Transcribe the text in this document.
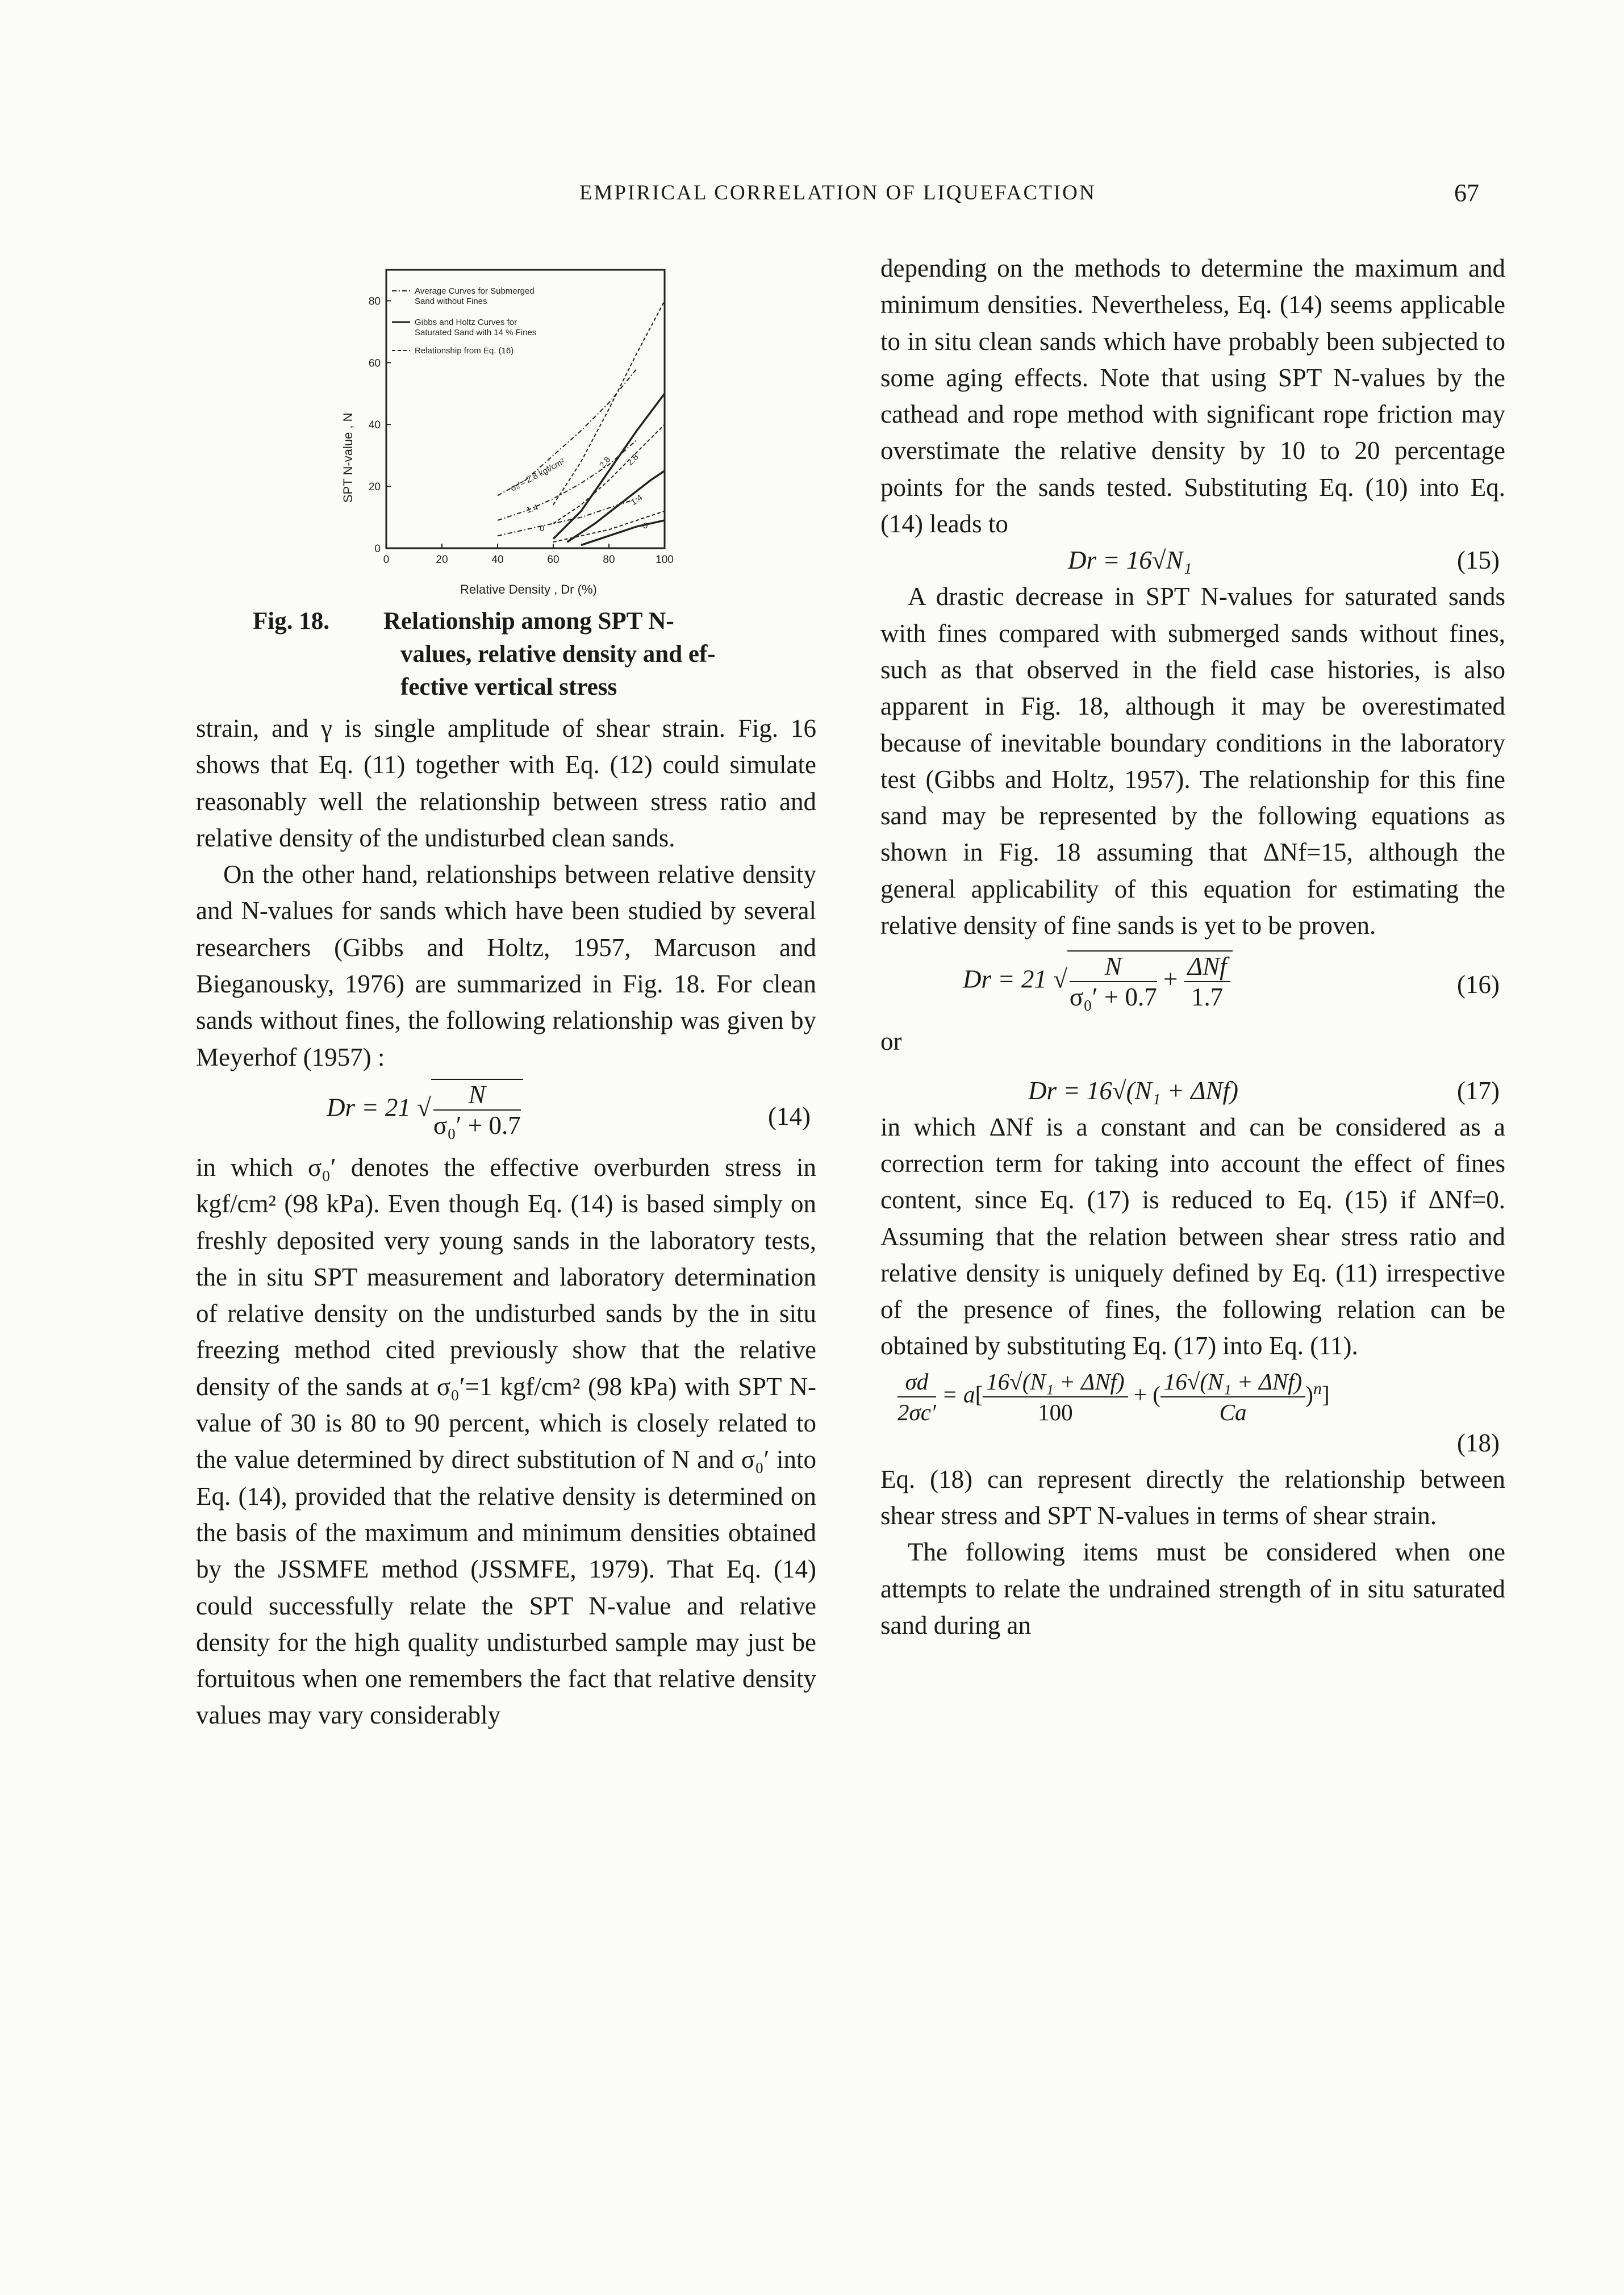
EMPIRICAL CORRELATION OF LIQUEFACTION	67
0	20	40	60	80	100
0
20
40
60
80
Average Curves for Submerged
Sand without Fines
Gibbs and Holtz Curves for
Saturated Sand with 14 % Fines
Relationship from Eq. (16)
σ₀′= 2.8 kgf/cm²	2.8
1.4
0
2.8
1.4
0
SPT N-value , N
Relative Density , Dr (%)
Fig. 18. Relationship among SPT N-
values, relative density and ef-
fective vertical stress

strain, and γ is single amplitude of shear strain. Fig. 16 shows that Eq. (11) together with Eq. (12) could simulate reasonably well the relationship between stress ratio and relative density of the undisturbed clean sands.

On the other hand, relationships between relative density and N-values for sands which have been studied by several researchers (Gibbs and Holtz, 1957, Marcuson and Bieganousky, 1976) are summarized in Fig. 18. For clean sands without fines, the following relationship was given by Meyerhof (1957) :

Dr = 21 √ $\frac{N}{\text{σ₀′ + 0.7}}$	(14)

in which σ₀′ denotes the effective overburden stress in kgf/cm² (98 kPa). Even though Eq. (14) is based simply on freshly deposited very young sands in the laboratory tests, the in situ SPT measurement and laboratory determination of relative density on the undisturbed sands by the in situ freezing method cited previously show that the relative density of the sands at σ₀′=1 kgf/cm² (98 kPa) with SPT N-value of 30 is 80 to 90 percent, which is closely related to the value determined by direct substitution of N and σ₀′ into Eq. (14), provided that the relative density is determined on the basis of the maximum and minimum densities obtained by the JSSMFE method (JSSMFE, 1979). That Eq. (14) could successfully relate the SPT N-value and relative density for the high quality undisturbed sample may just be fortuitous when one remembers the fact that relative density values may vary considerably

depending on the methods to determine the maximum and minimum densities. Nevertheless, Eq. (14) seems applicable to in situ clean sands which have probably been subjected to some aging effects. Note that using SPT N-values by the cathead and rope method with significant rope friction may overstimate the relative density by 10 to 20 percentage points for the sands tested. Substituting Eq. (10) into Eq. (14) leads to

Dr = 16√N₁	(15)

A drastic decrease in SPT N-values for saturated sands with fines compared with submerged sands without fines, such as that observed in the field case histories, is also apparent in Fig. 18, although it may be overestimated because of inevitable boundary conditions in the laboratory test (Gibbs and Holtz, 1957). The relationship for this fine sand may be represented by the following equations as shown in Fig. 18 assuming that ΔNf=15, although the general applicability of this equation for estimating the relative density of fine sands is yet to be proven.

Dr = 21 √ $\frac{N}{\text{σ₀′ + 0.7}} + \frac{\text{ΔNf}}{1.7}$	(16)

or

Dr = 16√(N₁ + ΔNf)	(17)

in which ΔNf is a constant and can be considered as a correction term for taking into account the effect of fines content, since Eq. (17) is reduced to Eq. (15) if ΔNf=0. Assuming that the relation between shear stress ratio and relative density is uniquely defined by Eq. (11) irrespective of the presence of fines, the following relation can be obtained by substituting Eq. (17) into Eq. (11).

$\frac{\sigma d}{2\sigma c'} = a[ \frac{\text{16√(N₁ + ΔNf)}}{100}$ + ( $\frac{\text{16√(N₁ + ΔNf)}}{Ca} )^n$]
(18)

Eq. (18) can represent directly the relationship between shear stress and SPT N-values in terms of shear strain.

The following items must be considered when one attempts to relate the undrained strength of in situ saturated sand during an
